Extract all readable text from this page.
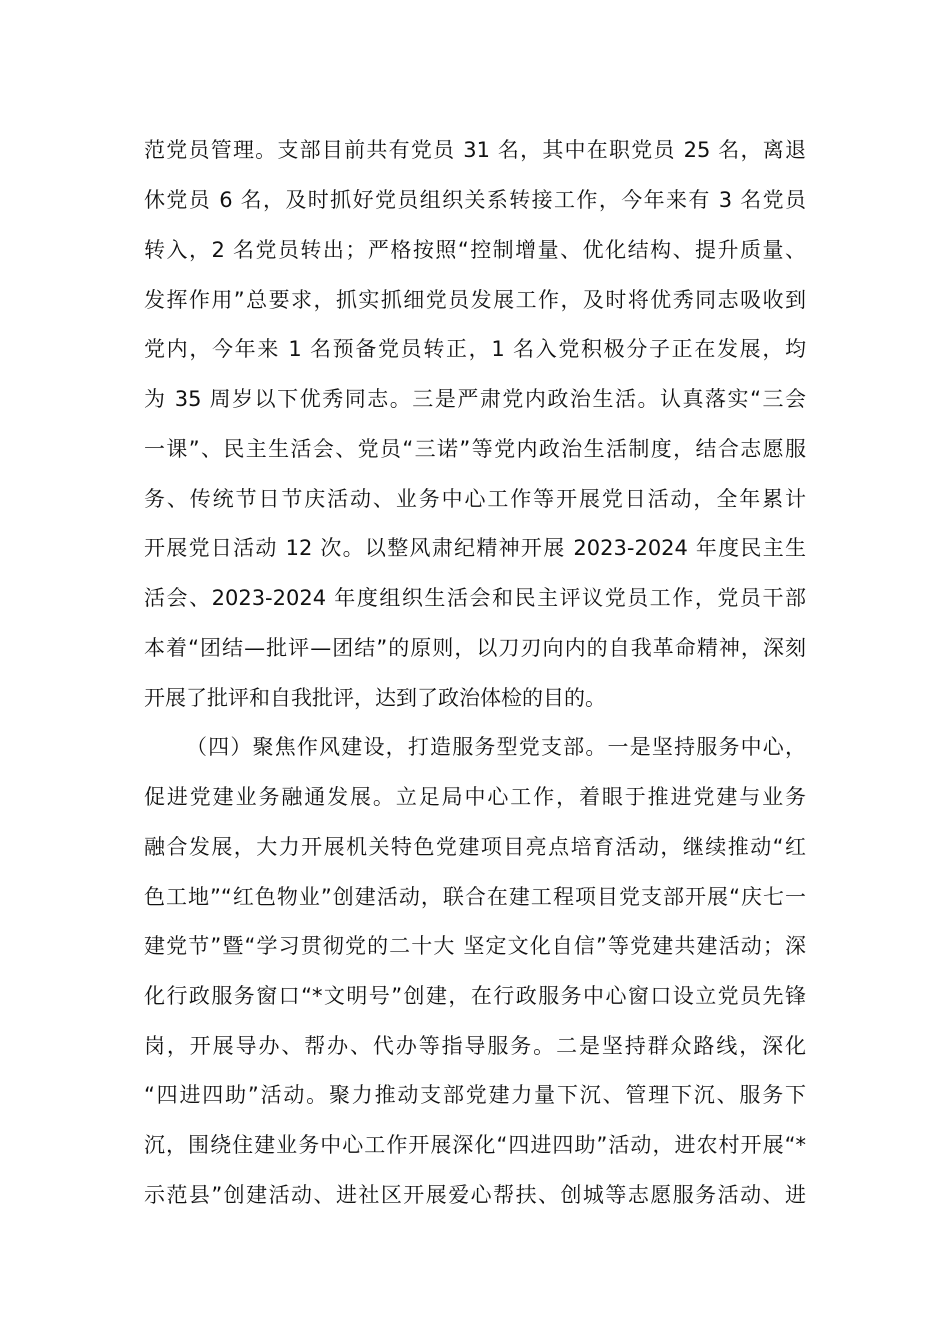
范党员管理。支部目前共有党员 31 名，其中在职党员 25 名，离退
休党员 6 名，及时抓好党员组织关系转接工作，今年来有 3 名党员
转入，2 名党员转出；严格按照“控制增量、优化结构、提升质量、
发挥作用”总要求，抓实抓细党员发展工作，及时将优秀同志吸收到
党内，今年来 1 名预备党员转正，1 名入党积极分子正在发展，均
为 35 周岁以下优秀同志。三是严肃党内政治生活。认真落实“三会
一课”、民主生活会、党员“三诺”等党内政治生活制度，结合志愿服
务、传统节日节庆活动、业务中心工作等开展党日活动，全年累计
开展党日活动 12 次。以整风肃纪精神开展 2023-2024 年度民主生
活会、2023-2024 年度组织生活会和民主评议党员工作，党员干部
本着“团结—批评—团结”的原则，以刀刃向内的自我革命精神，深刻
开展了批评和自我批评，达到了政治体检的目的。
（四）聚焦作风建设，打造服务型党支部。一是坚持服务中心，
促进党建业务融通发展。立足局中心工作，着眼于推进党建与业务
融合发展，大力开展机关特色党建项目亮点培育活动，继续推动“红
色工地”“红色物业”创建活动，联合在建工程项目党支部开展“庆七一
建党节”暨“学习贯彻党的二十大 坚定文化自信”等党建共建活动；深
化行政服务窗口“*文明号”创建，在行政服务中心窗口设立党员先锋
岗，开展导办、帮办、代办等指导服务。二是坚持群众路线，深化
“四进四助”活动。聚力推动支部党建力量下沉、管理下沉、服务下
沉，围绕住建业务中心工作开展深化“四进四助”活动，进农村开展“*
示范县”创建活动、进社区开展爱心帮扶、创城等志愿服务活动、进
